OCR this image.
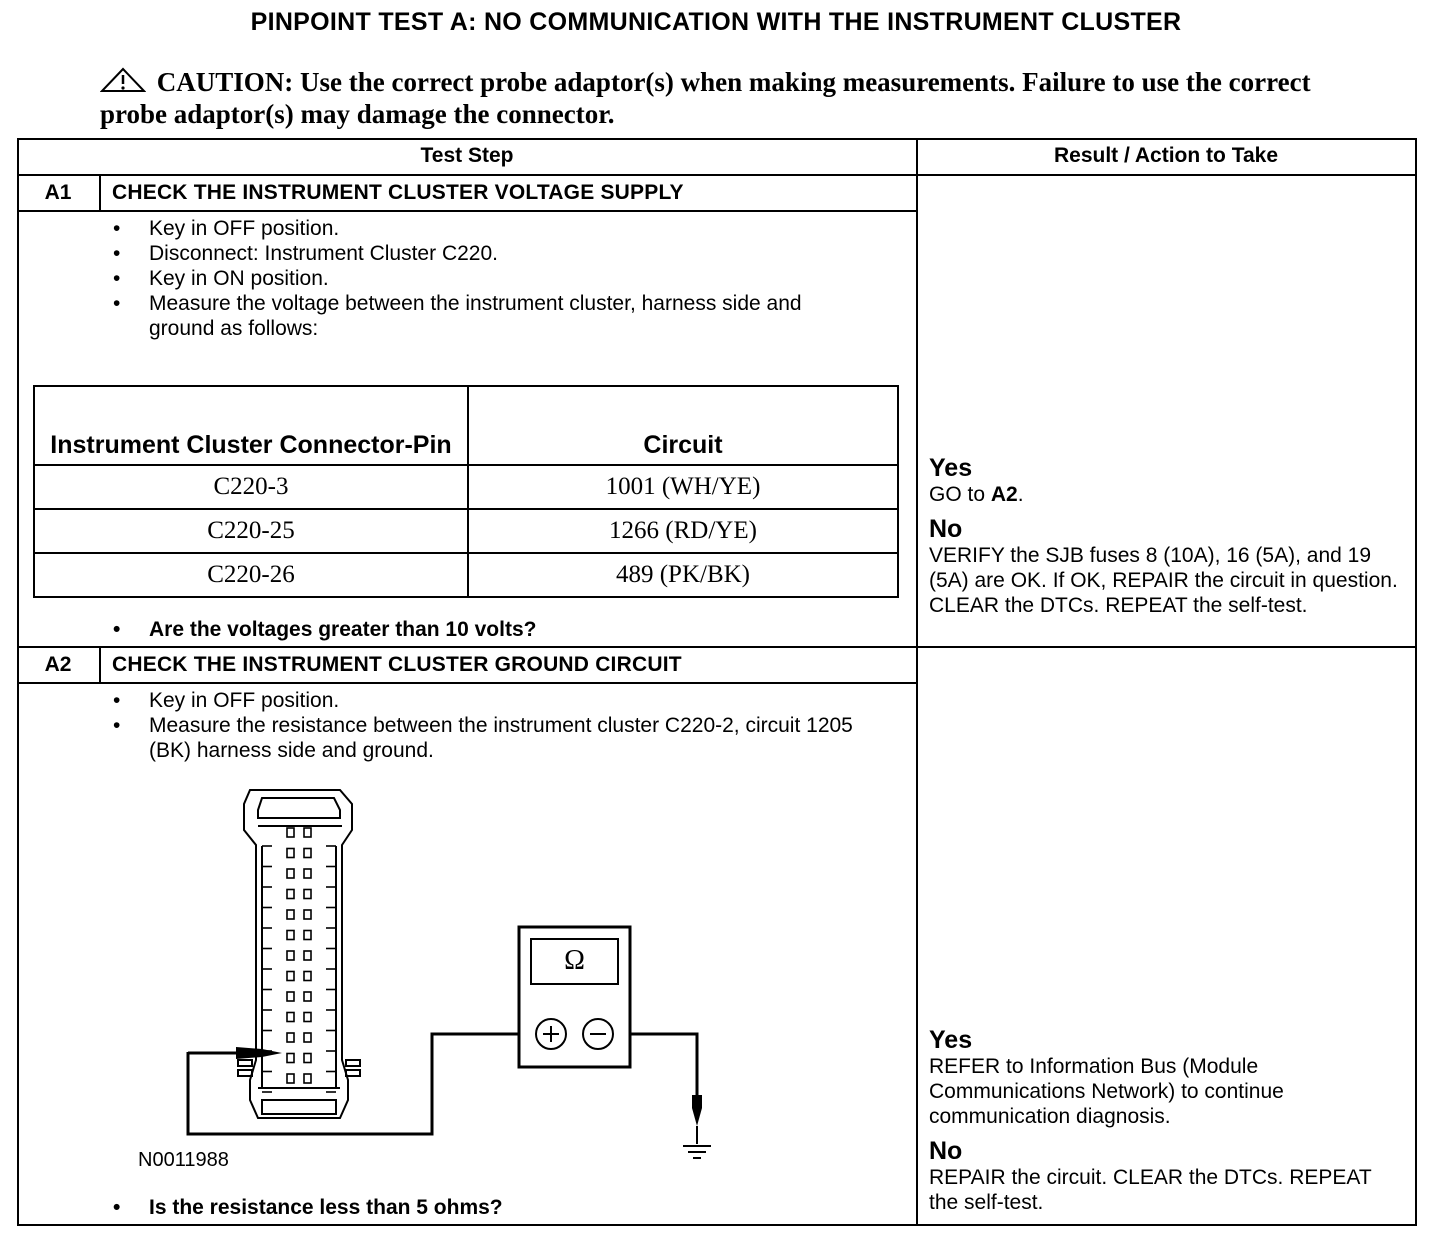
PINPOINT TEST A: NO COMMUNICATION WITH THE INSTRUMENT CLUSTER
CAUTION: Use the correct probe adaptor(s) when making measurements. Failure to use the correct probe adaptor(s) may damage the connector.
Test Step	Result / Action to Take
A1	CHECK THE INSTRUMENT CLUSTER VOLTAGE SUPPLY
• Key in OFF position.
• Disconnect: Instrument Cluster C220.
• Key in ON position.
• Measure the voltage between the instrument cluster, harness side and ground as follows:
Instrument Cluster Connector-Pin	Circuit
C220-3	1001 (WH/YE)
C220-25	1266 (RD/YE)
C220-26	489 (PK/BK)
• Are the voltages greater than 10 volts?
Yes
GO to A2.
No
VERIFY the SJB fuses 8 (10A), 16 (5A), and 19 (5A) are OK. If OK, REPAIR the circuit in question. CLEAR the DTCs. REPEAT the self-test.
A2	CHECK THE INSTRUMENT CLUSTER GROUND CIRCUIT
• Key in OFF position.
• Measure the resistance between the instrument cluster C220-2, circuit 1205 (BK) harness side and ground.
Ω
N0011988
• Is the resistance less than 5 ohms?
Yes
REFER to Information Bus (Module Communications Network) to continue communication diagnosis.
No
REPAIR the circuit. CLEAR the DTCs. REPEAT the self-test.
